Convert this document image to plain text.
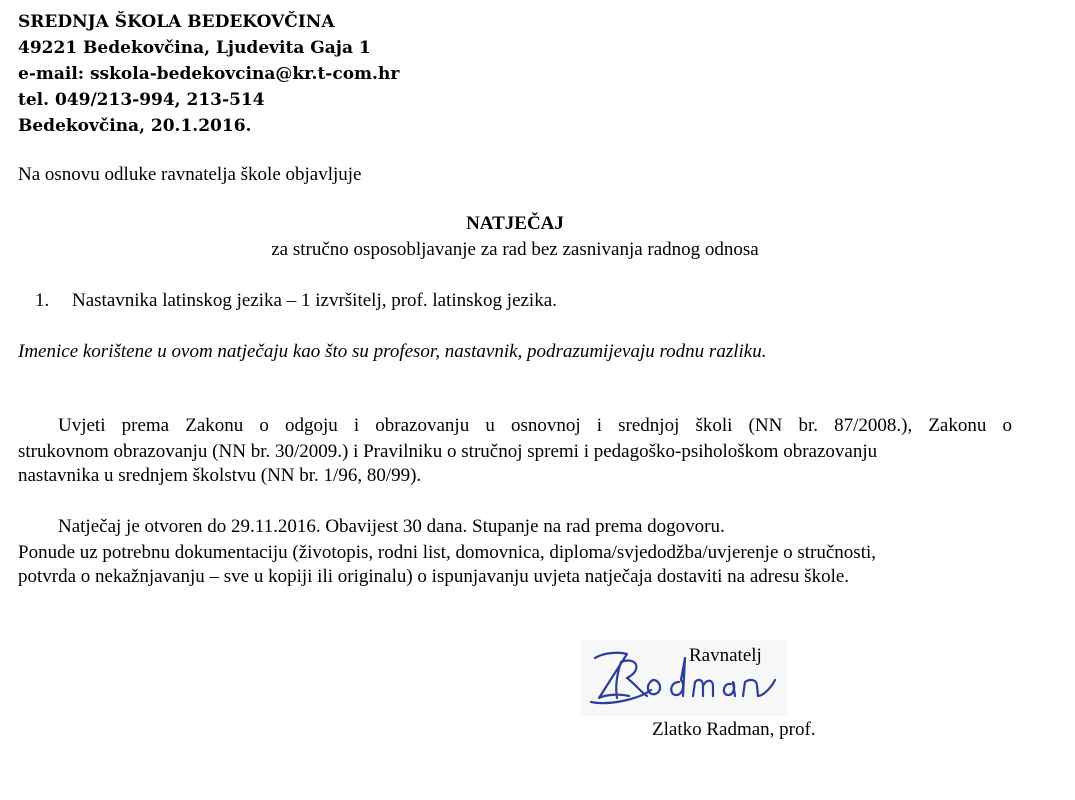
SREDNJA ŠKOLA BEDEKOVČINA
49221 Bedekovčina, Ljudevita Gaja 1
e-mail: sskola-bedekovcina@kr.t-com.hr
tel. 049/213-994, 213-514
Bedekovčina, 20.1.2016.
Na osnovu odluke ravnatelja škole objavljuje
NATJEČAJ
za stručno osposobljavanje za rad bez zasnivanja radnog odnosa
1. Nastavnika latinskog jezika – 1 izvršitelj, prof. latinskog jezika.
Imenice korištene u ovom natječaju kao što su profesor, nastavnik, podrazumijevaju rodnu razliku.
Uvjeti prema Zakonu o odgoju i obrazovanju u osnovnoj i srednjoj školi (NN br. 87/2008.), Zakonu o
strukovnom obrazovanju (NN br. 30/2009.) i Pravilniku o stručnoj spremi i pedagoško-psihološkom obrazovanju
nastavnika u srednjem školstvu (NN br. 1/96, 80/99).
Natječaj je otvoren do 29.11.2016. Obavijest 30 dana. Stupanje na rad prema dogovoru.
Ponude uz potrebnu dokumentaciju (životopis, rodni list, domovnica, diploma/svjedodžba/uvjerenje o stručnosti,
potvrda o nekažnjavanju – sve u kopiji ili originalu) o ispunjavanju uvjeta natječaja dostaviti na adresu škole.
Ravnatelj
Zlatko Radman, prof.
